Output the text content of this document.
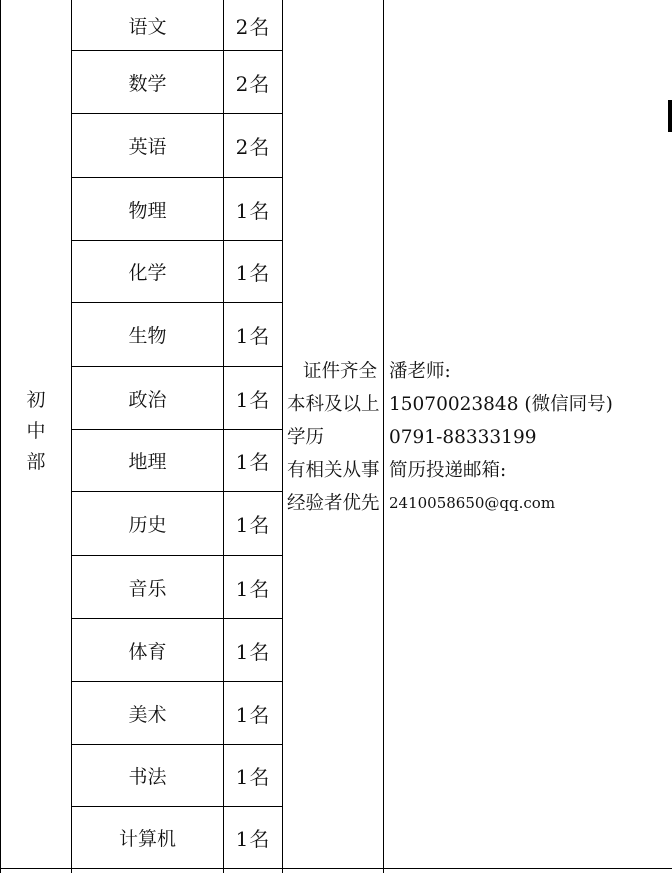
初
中
部
语文	2名
数学	2名
英语	2名
物理	1名
化学	1名
生物	1名
政治	1名
地理	1名
历史	1名
音乐	1名
体育	1名
美术	1名
书法	1名
计算机	1名
证件齐全
本科及以上
学历
有相关从事
经验者优先
潘老师:
15070023848 (微信同号)
0791-88333199
简历投递邮箱:
2410058650@qq.com
